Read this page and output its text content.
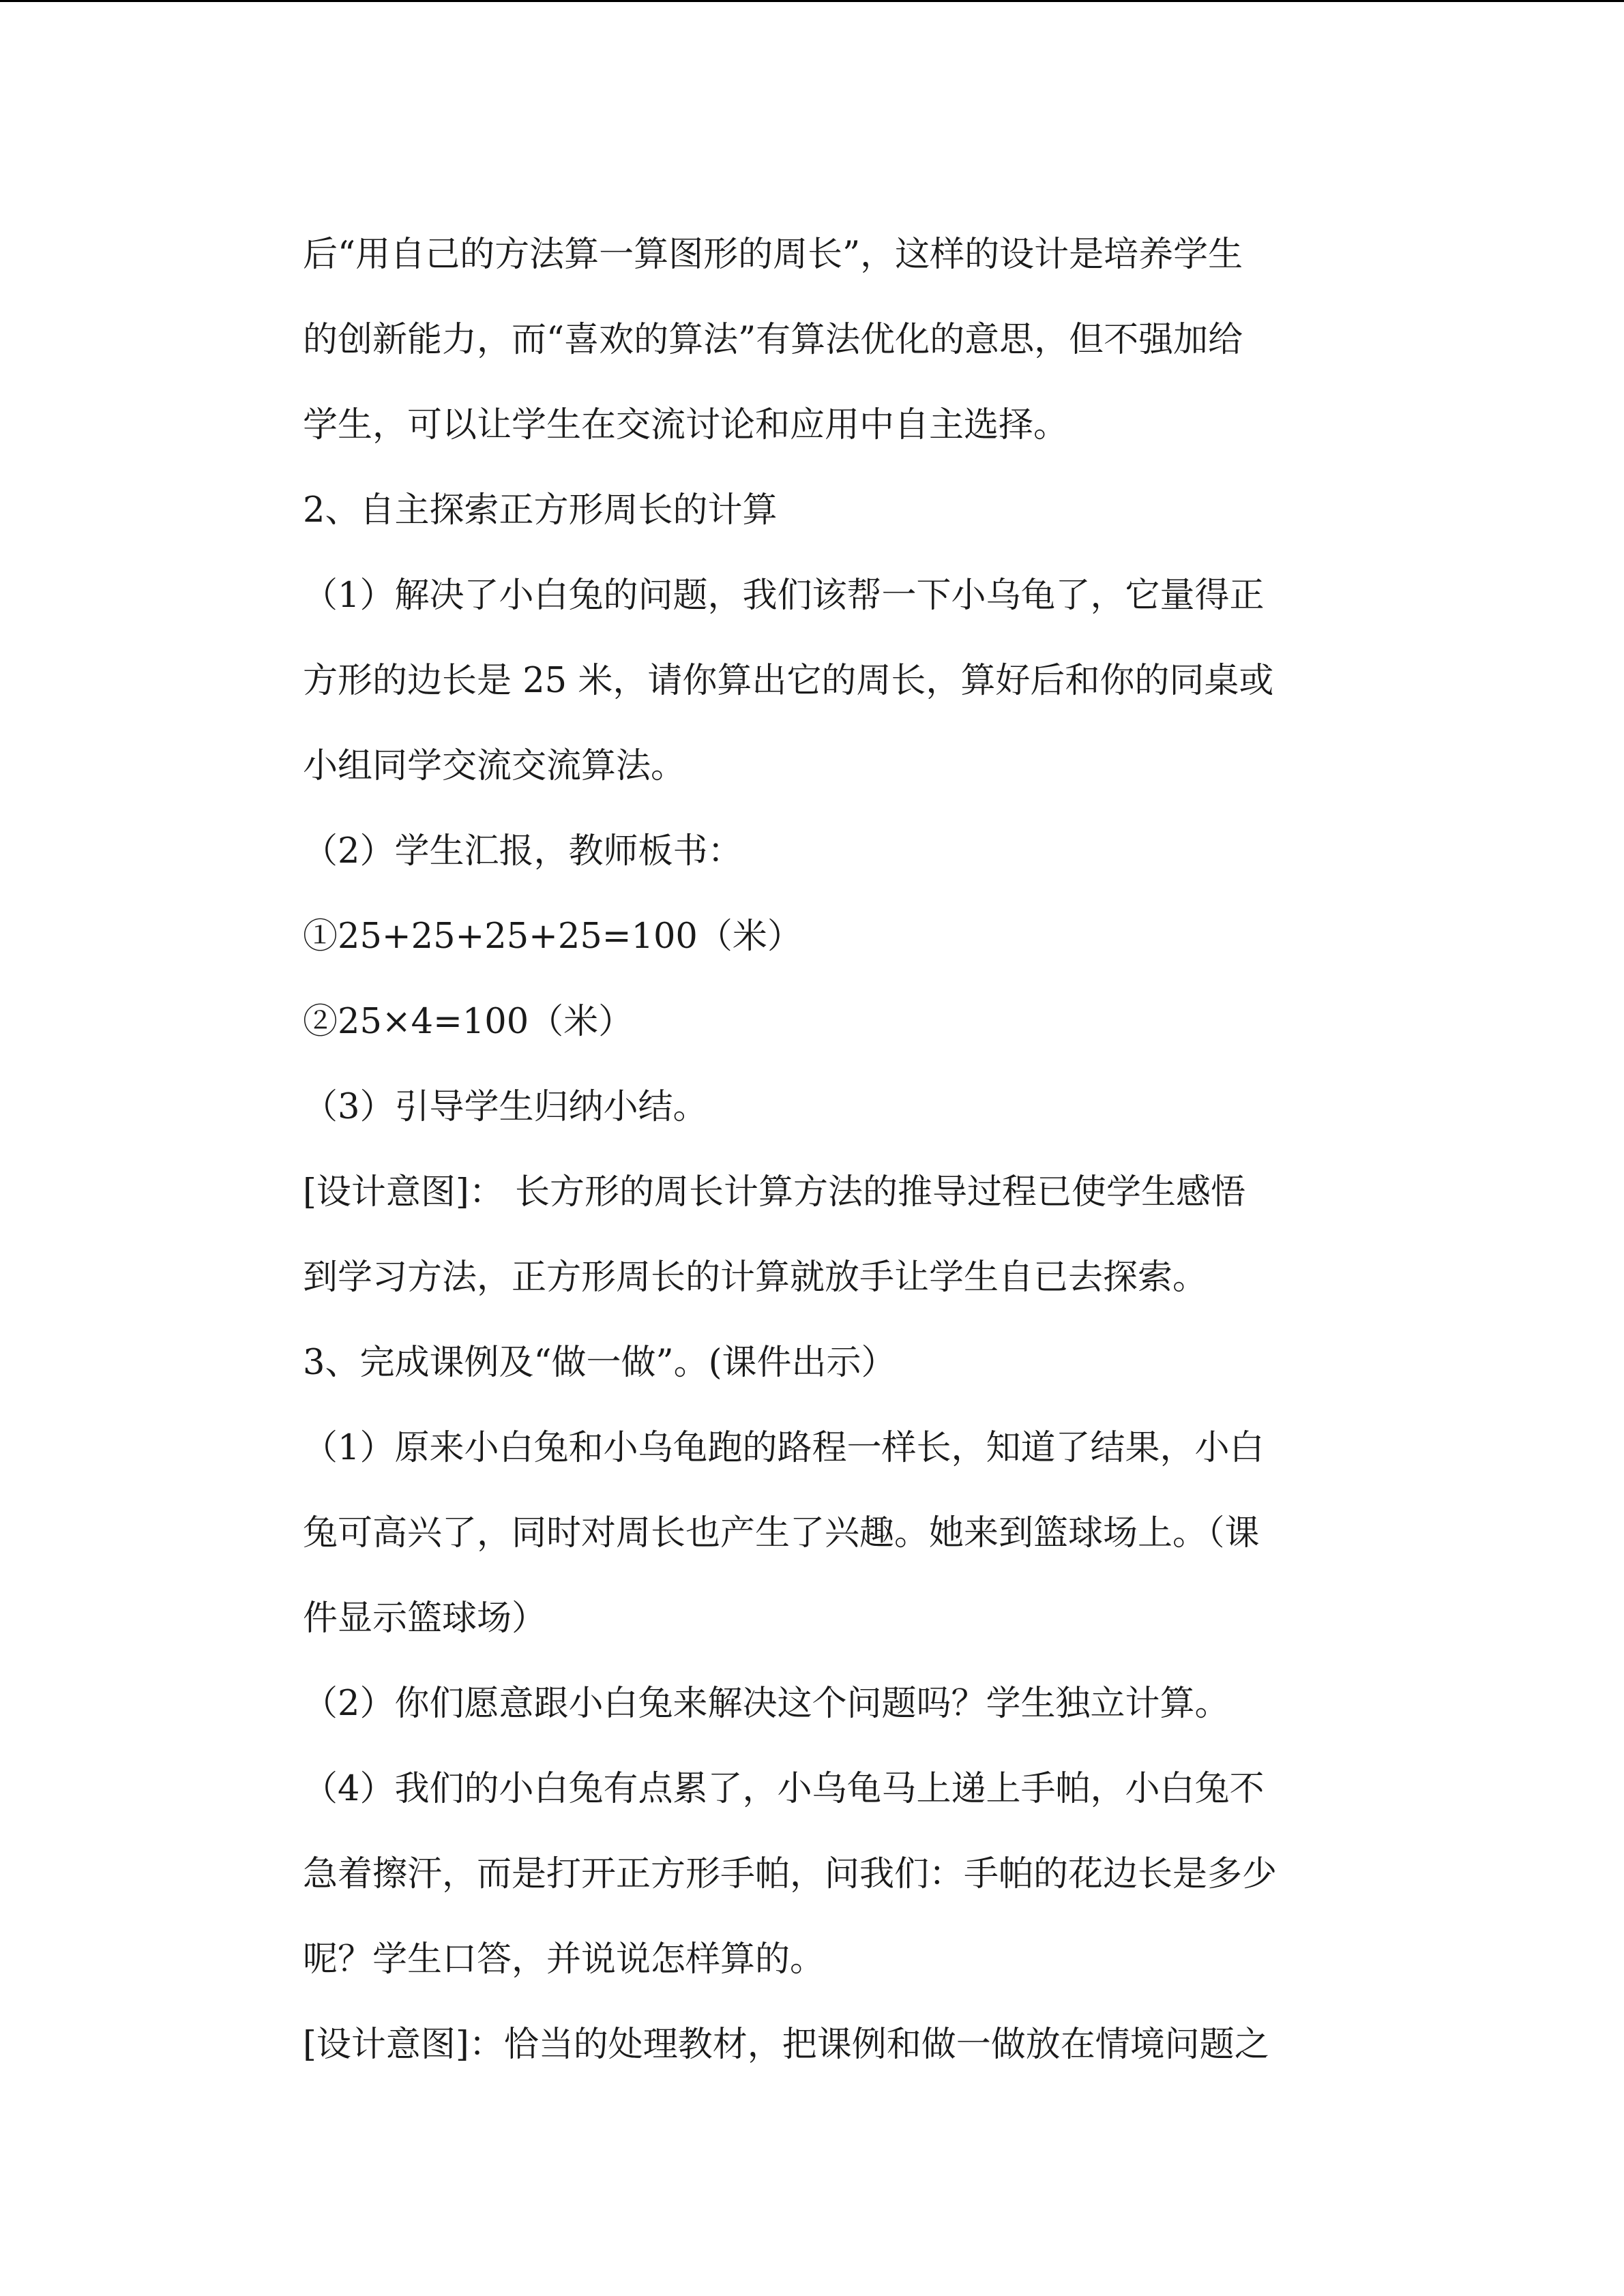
后“用自己的方法算一算图形的周长”，这样的设计是培养学生
的创新能力，而“喜欢的算法”有算法优化的意思，但不强加给
学生，可以让学生在交流讨论和应用中自主选择。
2、自主探索正方形周长的计算
（1）解决了小白兔的问题，我们该帮一下小乌龟了，它量得正
方形的边长是 25 米，请你算出它的周长，算好后和你的同桌或
小组同学交流交流算法。
（2）学生汇报，教师板书：
①25+25+25+25=100（米）
②25×4=100（米）
（3）引导学生归纳小结。
[设计意图]： 长方形的周长计算方法的推导过程已使学生感悟
到学习方法，正方形周长的计算就放手让学生自已去探索。
3、完成课例及“做一做”。(课件出示）
（1）原来小白兔和小乌龟跑的路程一样长，知道了结果，小白
兔可高兴了，同时对周长也产生了兴趣。她来到篮球场上。（课
件显示篮球场）
（2）你们愿意跟小白兔来解决这个问题吗？学生独立计算。
（4）我们的小白兔有点累了，小乌龟马上递上手帕，小白兔不
急着擦汗，而是打开正方形手帕，问我们：手帕的花边长是多少
呢？学生口答，并说说怎样算的。
[设计意图]：恰当的处理教材，把课例和做一做放在情境问题之
